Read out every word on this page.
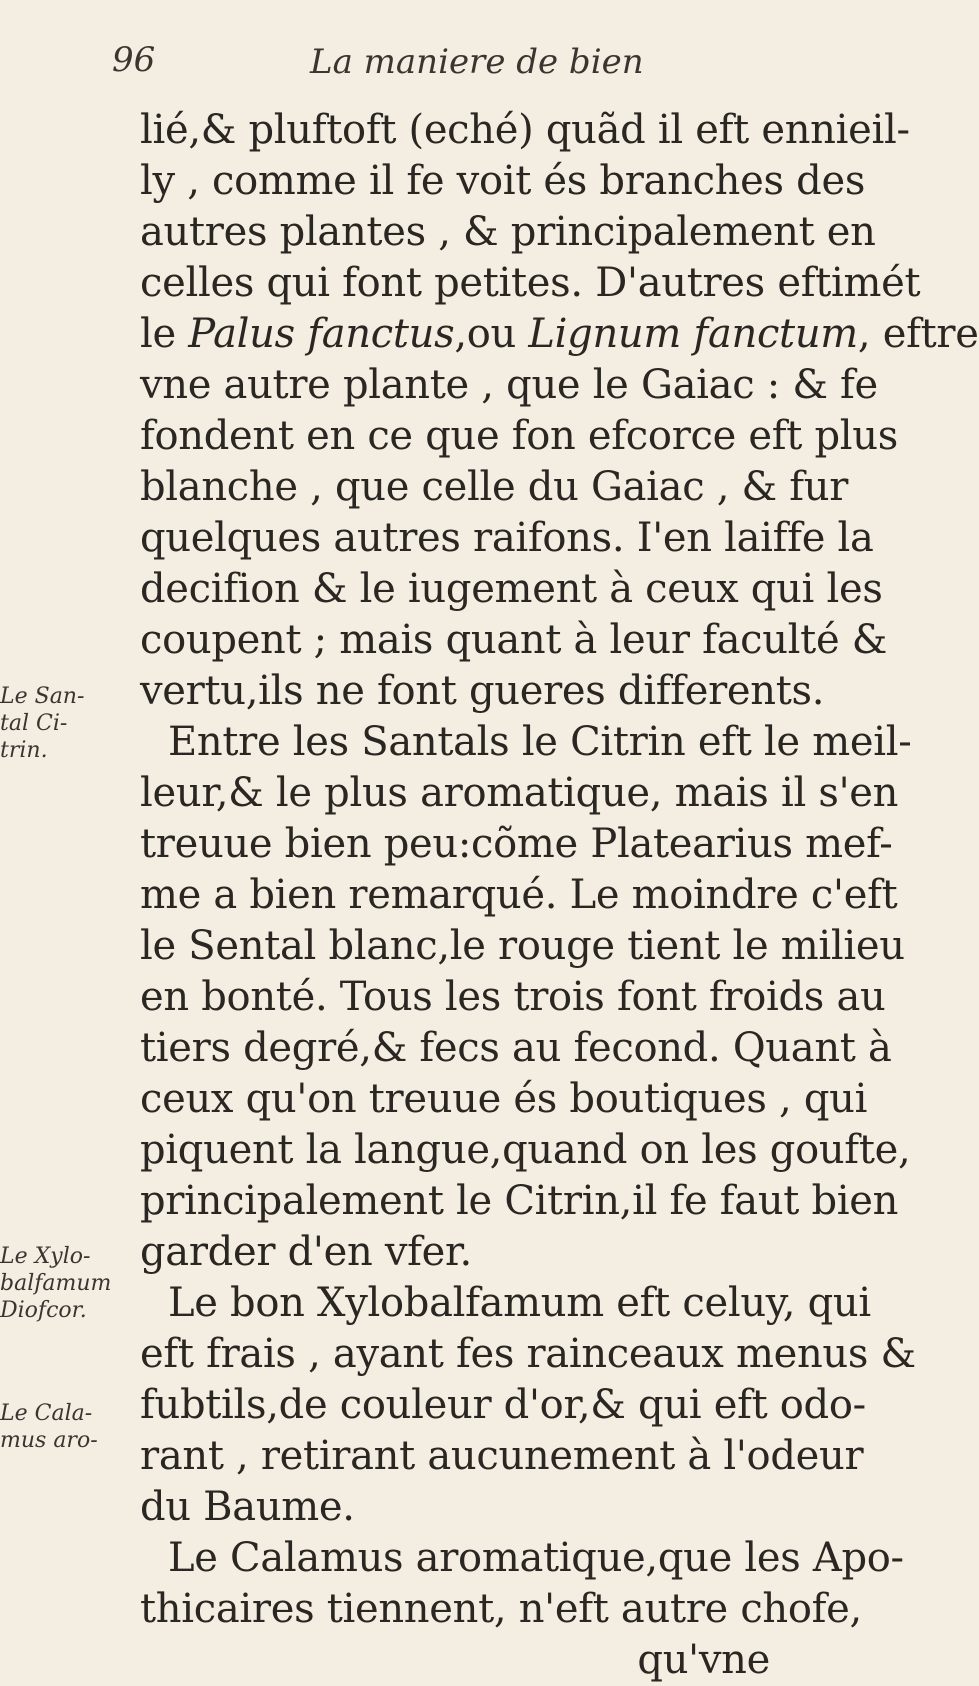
96	La maniere de bien
lié,& pluftoft (eché) quãd il eft ennieil-
ly , comme il fe voit és branches des
autres plantes , & principalement en
celles qui font petites. D'autres eftimét
le Palus fanctus,ou Lignum fanctum, eftre
vne autre plante , que le Gaiac : & fe
fondent en ce que fon efcorce eft plus
blanche , que celle du Gaiac , & fur
quelques autres raifons. I'en laiffe la
decifion & le iugement à ceux qui les
coupent ; mais quant à leur faculté &
vertu,ils ne font gueres differents.
Entre les Santals le Citrin eft le meil-
leur,& le plus aromatique, mais il s'en
treuue bien peu:cõme Platearius mef-
me a bien remarqué. Le moindre c'eft
le Sental blanc,le rouge tient le milieu
en bonté. Tous les trois font froids au
tiers degré,& fecs au fecond. Quant à
ceux qu'on treuue és boutiques , qui
piquent la langue,quand on les goufte,
principalement le Citrin,il fe faut bien
garder d'en vfer.
Le bon Xylobalfamum eft celuy, qui
eft frais , ayant fes rainceaux menus &
fubtils,de couleur d'or,& qui eft odo-
rant , retirant aucunement à l'odeur
du Baume.
Le Calamus aromatique,que les Apo-
thicaires tiennent, n'eft autre chofe,
qu'vne
Le San-
tal Ci-
trin.
Le Xylo-
balfamum
Diofcor.
Le Cala-
mus aro-
